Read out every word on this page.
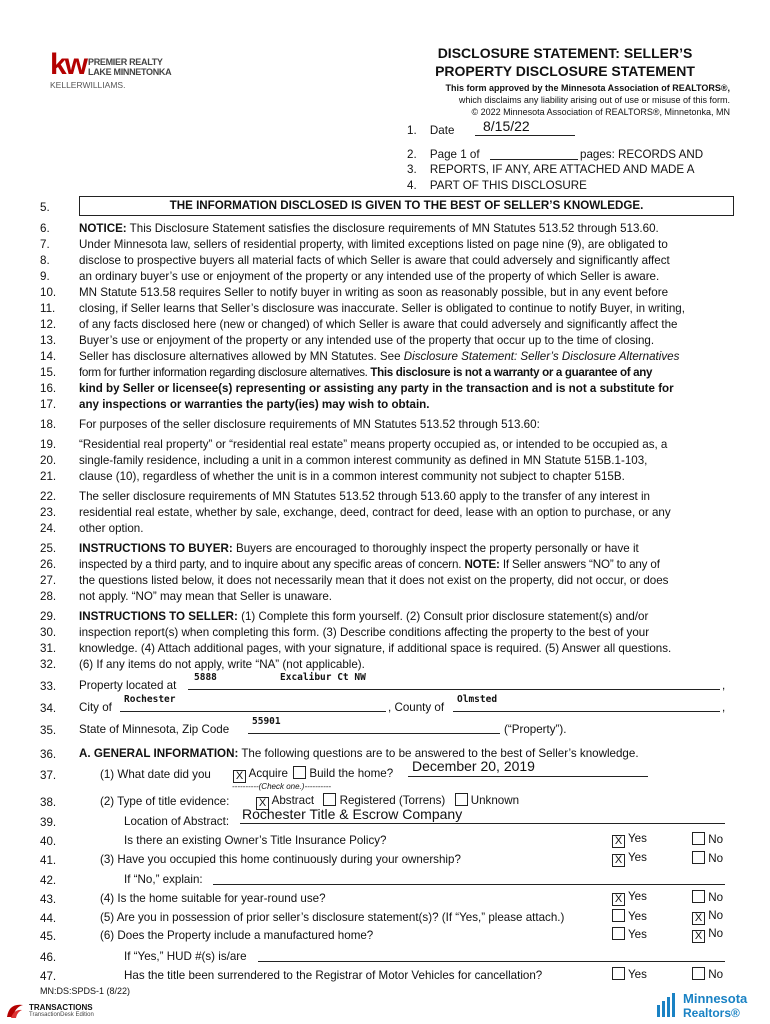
kw PREMIER REALTY
LAKE MINNETONKA
KELLERWILLIAMS.
DISCLOSURE STATEMENT: SELLER’S
PROPERTY DISCLOSURE STATEMENT
This form approved by the Minnesota Association of REALTORS®,
which disclaims any liability arising out of use or misuse of this form.
© 2022 Minnesota Association of REALTORS®, Minnetonka, MN
1. Date 8/15/22
2. Page 1 of	pages: RECORDS AND
3. REPORTS, IF ANY, ARE ATTACHED AND MADE A
4. PART OF THIS DISCLOSURE
5.	THE INFORMATION DISCLOSED IS GIVEN TO THE BEST OF SELLER’S KNOWLEDGE.
6.	NOTICE: This Disclosure Statement satisfies the disclosure requirements of MN Statutes 513.52 through 513.60.
7.	Under Minnesota law, sellers of residential property, with limited exceptions listed on page nine (9), are obligated to
8.	disclose to prospective buyers all material facts of which Seller is aware that could adversely and significantly affect
9.	an ordinary buyer’s use or enjoyment of the property or any intended use of the property of which Seller is aware.
10.	MN Statute 513.58 requires Seller to notify buyer in writing as soon as reasonably possible, but in any event before
11.	closing, if Seller learns that Seller’s disclosure was inaccurate. Seller is obligated to continue to notify Buyer, in writing,
12.	of any facts disclosed here (new or changed) of which Seller is aware that could adversely and significantly affect the
13.	Buyer’s use or enjoyment of the property or any intended use of the property that occur up to the time of closing.
14.	Seller has disclosure alternatives allowed by MN Statutes. See Disclosure Statement: Seller’s Disclosure Alternatives
15.	form for further information regarding disclosure alternatives. This disclosure is not a warranty or a guarantee of any
16.	kind by Seller or licensee(s) representing or assisting any party in the transaction and is not a substitute for
17.	any inspections or warranties the party(ies) may wish to obtain.
18.	For purposes of the seller disclosure requirements of MN Statutes 513.52 through 513.60:
19.	“Residential real property” or “residential real estate” means property occupied as, or intended to be occupied as, a
20.	single-family residence, including a unit in a common interest community as defined in MN Statute 515B.1-103,
21.	clause (10), regardless of whether the unit is in a common interest community not subject to chapter 515B.
22.	The seller disclosure requirements of MN Statutes 513.52 through 513.60 apply to the transfer of any interest in
23.	residential real estate, whether by sale, exchange, deed, contract for deed, lease with an option to purchase, or any
24.	other option.
25.	INSTRUCTIONS TO BUYER: Buyers are encouraged to thoroughly inspect the property personally or have it
26.	inspected by a third party, and to inquire about any specific areas of concern. NOTE: If Seller answers “NO” to any of
27.	the questions listed below, it does not necessarily mean that it does not exist on the property, did not occur, or does
28.	not apply. “NO” may mean that Seller is unaware.
29.	INSTRUCTIONS TO SELLER: (1) Complete this form yourself. (2) Consult prior disclosure statement(s) and/or
30.	inspection report(s) when completing this form. (3) Describe conditions affecting the property to the best of your
31.	knowledge. (4) Attach additional pages, with your signature, if additional space is required. (5) Answer all questions.
32.	(6) If any items do not apply, write “NA” (not applicable).
33.	Property located at
5888	Excalibur Ct NW
,
34.	City of
Rochester
, County of
Olmsted
,
35.	State of Minnesota, Zip Code
55901
(“Property”).
36.	A. GENERAL INFORMATION: The following questions are to be answered to the best of Seller’s knowledge.
37.	(1) What date did you X Acquire Build the home? December 20, 2019
----------(Check one.)----------
38.	(2) Type of title evidence:	X Abstract Registered (Torrens) Unknown
39.	Location of Abstract: Rochester Title & Escrow Company
40.	Is there an existing Owner’s Title Insurance Policy?	X Yes	No
41.	(3) Have you occupied this home continuously during your ownership?	X Yes	No
42.	If “No,” explain:
43.	(4) Is the home suitable for year-round use?	X Yes	No
44.	(5) Are you in possession of prior seller’s disclosure statement(s)? (If “Yes,” please attach.)	Yes	X No
45.	(6) Does the Property include a manufactured home?	Yes	X No
46.	If “Yes,” HUD #(s) is/are
47.	Has the title been surrendered to the Registrar of Motor Vehicles for cancellation?	Yes	No
MN:DS:SPDS-1 (8/22)
TRANSACTIONS
TransactionDesk Edition
Minnesota
Realtors®
